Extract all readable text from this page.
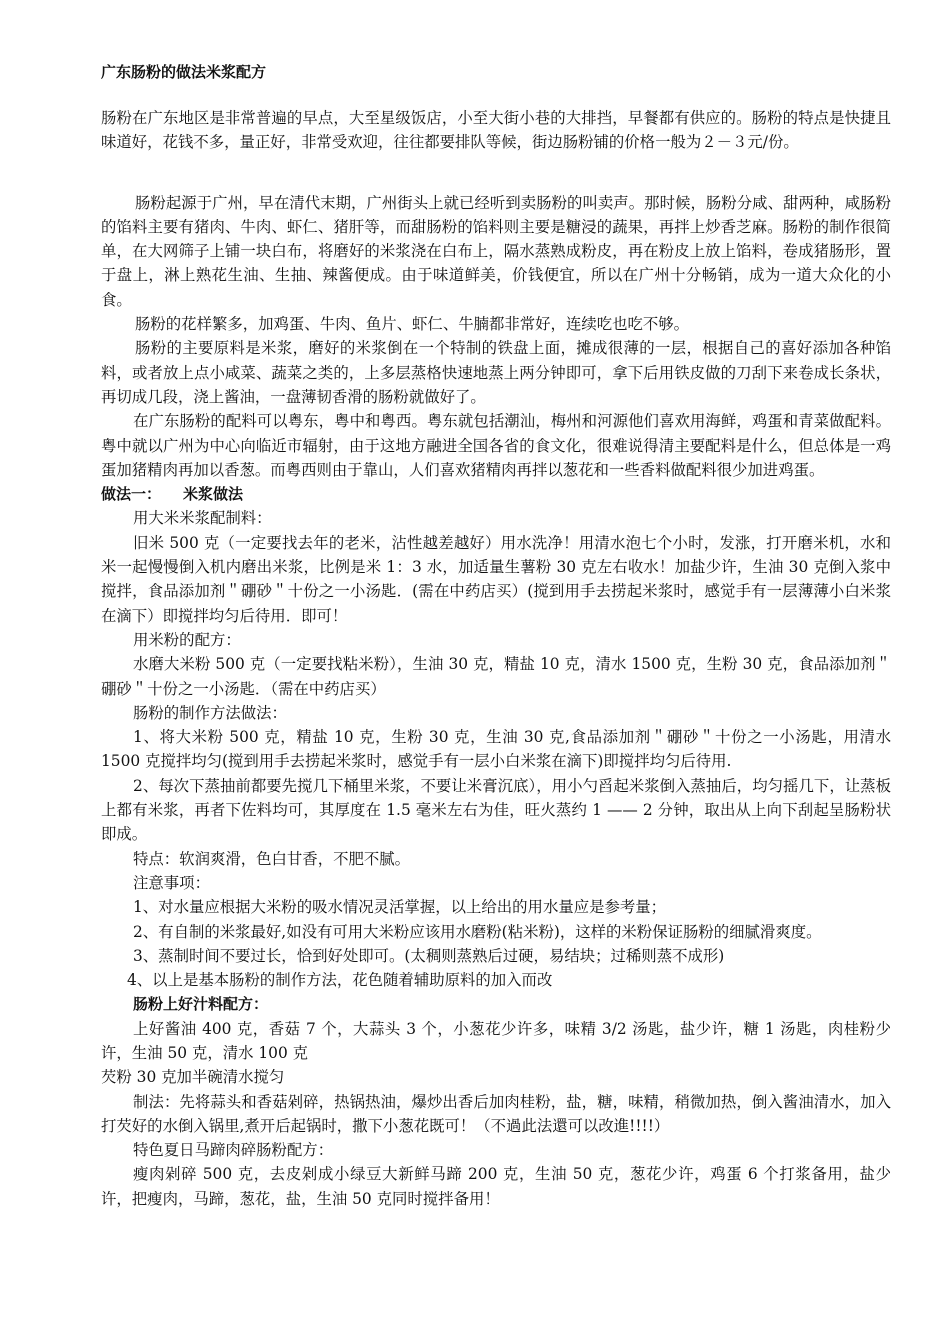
广东肠粉的做法米浆配方

肠粉在广东地区是非常普遍的早点，大至星级饭店，小至大街小巷的大排挡，早餐都有供应的。肠粉的特点是快捷且味道好，花钱不多，量正好，非常受欢迎，往往都要排队等候，街边肠粉铺的价格一般为２－３元/份。

肠粉起源于广州，早在清代末期，广州街头上就已经听到卖肠粉的叫卖声。那时候，肠粉分咸、甜两种，咸肠粉的馅料主要有猪肉、牛肉、虾仁、猪肝等，而甜肠粉的馅料则主要是糖浸的蔬果，再拌上炒香芝麻。肠粉的制作很简单，在大网筛子上铺一块白布，将磨好的米浆浇在白布上，隔水蒸熟成粉皮，再在粉皮上放上馅料，卷成猪肠形，置于盘上，淋上熟花生油、生抽、辣酱便成。由于味道鲜美，价钱便宜，所以在广州十分畅销，成为一道大众化的小食。

肠粉的花样繁多，加鸡蛋、牛肉、鱼片、虾仁、牛腩都非常好，连续吃也吃不够。

肠粉的主要原料是米浆，磨好的米浆倒在一个特制的铁盘上面，摊成很薄的一层，根据自己的喜好添加各种馅料，或者放上点小咸菜、蔬菜之类的，上多层蒸格快速地蒸上两分钟即可，拿下后用铁皮做的刀刮下来卷成长条状，再切成几段，浇上酱油，一盘薄韧香滑的肠粉就做好了。

在广东肠粉的配料可以粤东，粤中和粤西。粤东就包括潮汕，梅州和河源他们喜欢用海鲜，鸡蛋和青菜做配料。粤中就以广州为中心向临近市辐射，由于这地方融进全国各省的食文化，很难说得清主要配料是什么，但总体是一鸡蛋加猪精肉再加以香葱。而粤西则由于靠山，人们喜欢猪精肉再拌以葱花和一些香料做配料很少加进鸡蛋。

做法一： 米浆做法

用大米米浆配制料：

旧米 500 克（一定要找去年的老米，沾性越差越好）用水洗净！用清水泡七个小时，发涨，打开磨米机，水和米一起慢慢倒入机内磨出米浆，比例是米 1：3 水，加适量生薯粉 30 克左右收水！加盐少许，生油 30 克倒入浆中搅拌，食品添加剂＂硼砂＂十份之一小汤匙．(需在中药店买）(搅到用手去捞起米浆时，感觉手有一层薄薄小白米浆在滴下）即搅拌均匀后待用．即可！

用米粉的配方：

水磨大米粉 500 克（一定要找粘米粉），生油 30 克，精盐 10 克，清水 1500 克，生粉 30 克，食品添加剂＂硼砂＂十份之一小汤匙．（需在中药店买）

肠粉的制作方法做法：

1、将大米粉 500 克，精盐 10 克，生粉 30 克，生油 30 克,食品添加剂＂硼砂＂十份之一小汤匙，用清水 1500 克搅拌均匀(搅到用手去捞起米浆时，感觉手有一层小白米浆在滴下)即搅拌均匀后待用.

2、每次下蒸抽前都要先搅几下桶里米浆，不要让米膏沉底），用小勺舀起米浆倒入蒸抽后，均匀摇几下，让蒸板上都有米浆，再者下佐料均可，其厚度在 1.5 毫米左右为佳，旺火蒸约 1 —— 2 分钟，取出从上向下刮起呈肠粉状即成。

特点：软润爽滑，色白甘香，不肥不腻。

注意事项：

1、对水量应根据大米粉的吸水情况灵活掌握，以上给出的用水量应是参考量；

2、有自制的米浆最好,如没有可用大米粉应该用水磨粉(粘米粉)，这样的米粉保证肠粉的细腻滑爽度。

3、蒸制时间不要过长，恰到好处即可。(太稠则蒸熟后过硬，易结块；过稀则蒸不成形)

4、以上是基本肠粉的制作方法，花色随着辅助原料的加入而改

肠粉上好汁料配方：

上好酱油 400 克，香菇 7 个，大蒜头 3 个，小葱花少许多，味精 3/2 汤匙，盐少许，糖 1 汤匙，肉桂粉少许，生油 50 克，清水 100 克

芡粉 30 克加半碗清水搅匀

制法：先将蒜头和香菇剁碎，热锅热油，爆炒出香后加肉桂粉，盐，糖，味精，稍微加热，倒入酱油清水，加入打芡好的水倒入锅里,煮开后起锅时，撒下小葱花既可！（不過此法還可以改進!!!!）

特色夏日马蹄肉碎肠粉配方：

瘦肉剁碎 500 克，去皮剁成小绿豆大新鲜马蹄 200 克，生油 50 克，葱花少许，鸡蛋 6 个打浆备用，盐少许，把瘦肉，马蹄，葱花，盐，生油 50 克同时搅拌备用！
